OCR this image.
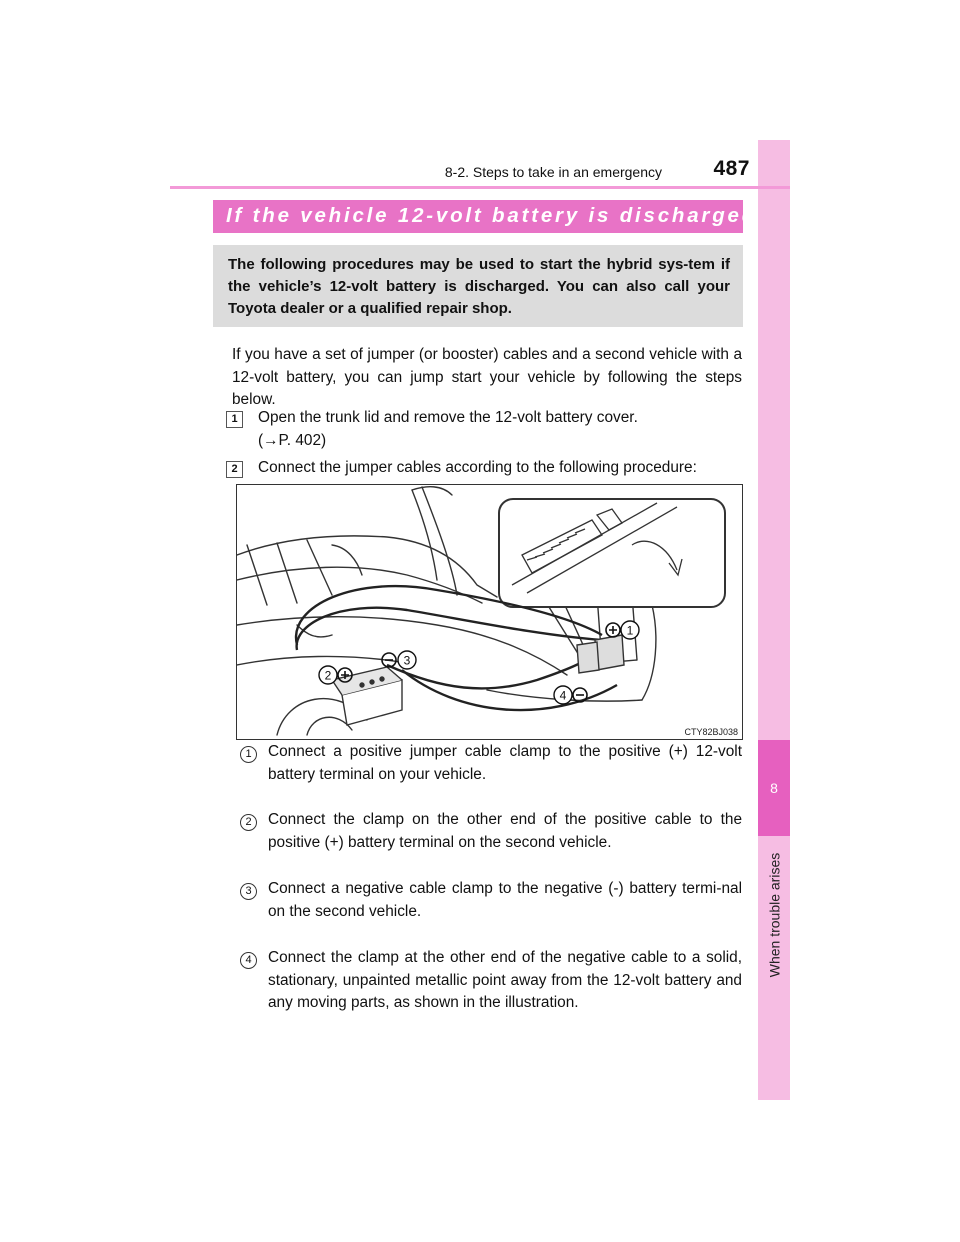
8
When trouble arises
8-2. Steps to take in an emergency	487
If the vehicle 12-volt battery is discharged

The following procedures may be used to start the hybrid sys-tem if the vehicle’s 12-volt battery is discharged. You can also call your Toyota dealer or a qualified repair shop.

If you have a set of jumper (or booster) cables and a second vehicle with a 12-volt battery, you can jump start your vehicle by following the steps below.
1	Open the trunk lid and remove the 12-volt battery cover.
(→P. 402)
2	Connect the jumper cables according to the following procedure:
1
2
3
4
CTY82BJ038
1	Connect a positive jumper cable clamp to the positive (+) 12-volt battery terminal on your vehicle.
2	Connect the clamp on the other end of the positive cable to the positive (+) battery terminal on the second vehicle.
3	Connect a negative cable clamp to the negative (-) battery termi-nal on the second vehicle.
4	Connect the clamp at the other end of the negative cable to a solid, stationary, unpainted metallic point away from the 12-volt battery and any moving parts, as shown in the illustration.
